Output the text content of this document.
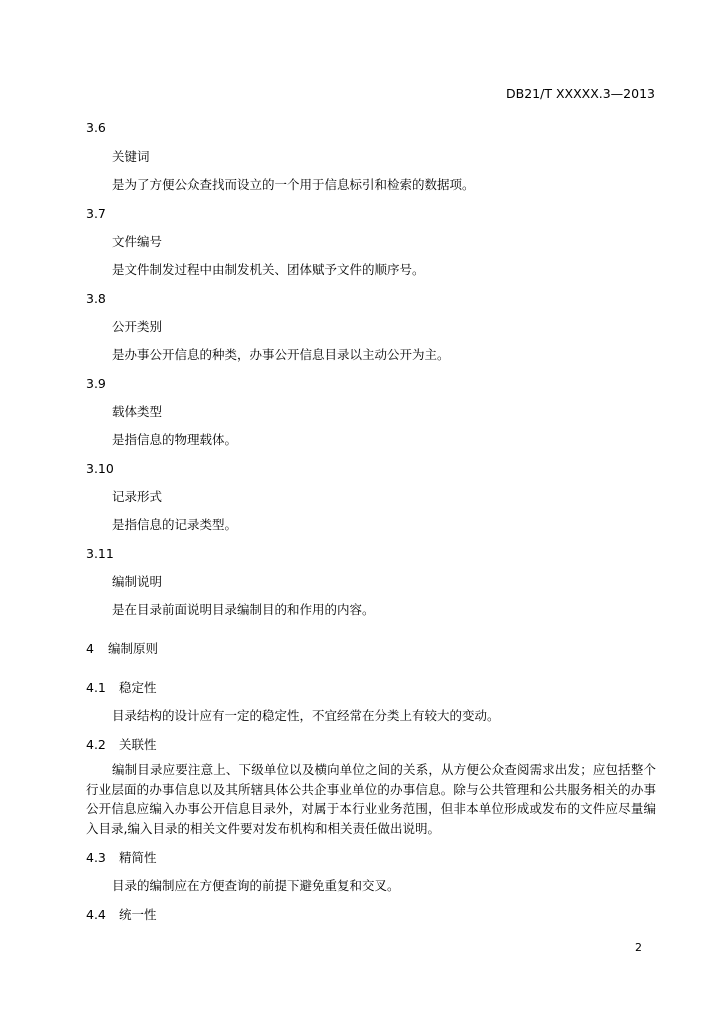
DB21/T XXXXX.3—2013
3.6
关键词
是为了方便公众查找而设立的一个用于信息标引和检索的数据项。
3.7
文件编号
是文件制发过程中由制发机关、团体赋予文件的顺序号。
3.8
公开类别
是办事公开信息的种类，办事公开信息目录以主动公开为主。
3.9
载体类型
是指信息的物理载体。
3.10
记录形式
是指信息的记录类型。
3.11
编制说明
是在目录前面说明目录编制目的和作用的内容。
4 编制原则
4.1 稳定性
目录结构的设计应有一定的稳定性，不宜经常在分类上有较大的变动。
4.2 关联性
编制目录应要注意上、下级单位以及横向单位之间的关系，从方便公众查阅需求出发；应包括整个行业层面的办事信息以及其所辖具体公共企事业单位的办事信息。除与公共管理和公共服务相关的办事公开信息应编入办事公开信息目录外，对属于本行业业务范围，但非本单位形成或发布的文件应尽量编入目录,编入目录的相关文件要对发布机构和相关责任做出说明。
4.3 精简性
目录的编制应在方便查询的前提下避免重复和交叉。
4.4 统一性
2
